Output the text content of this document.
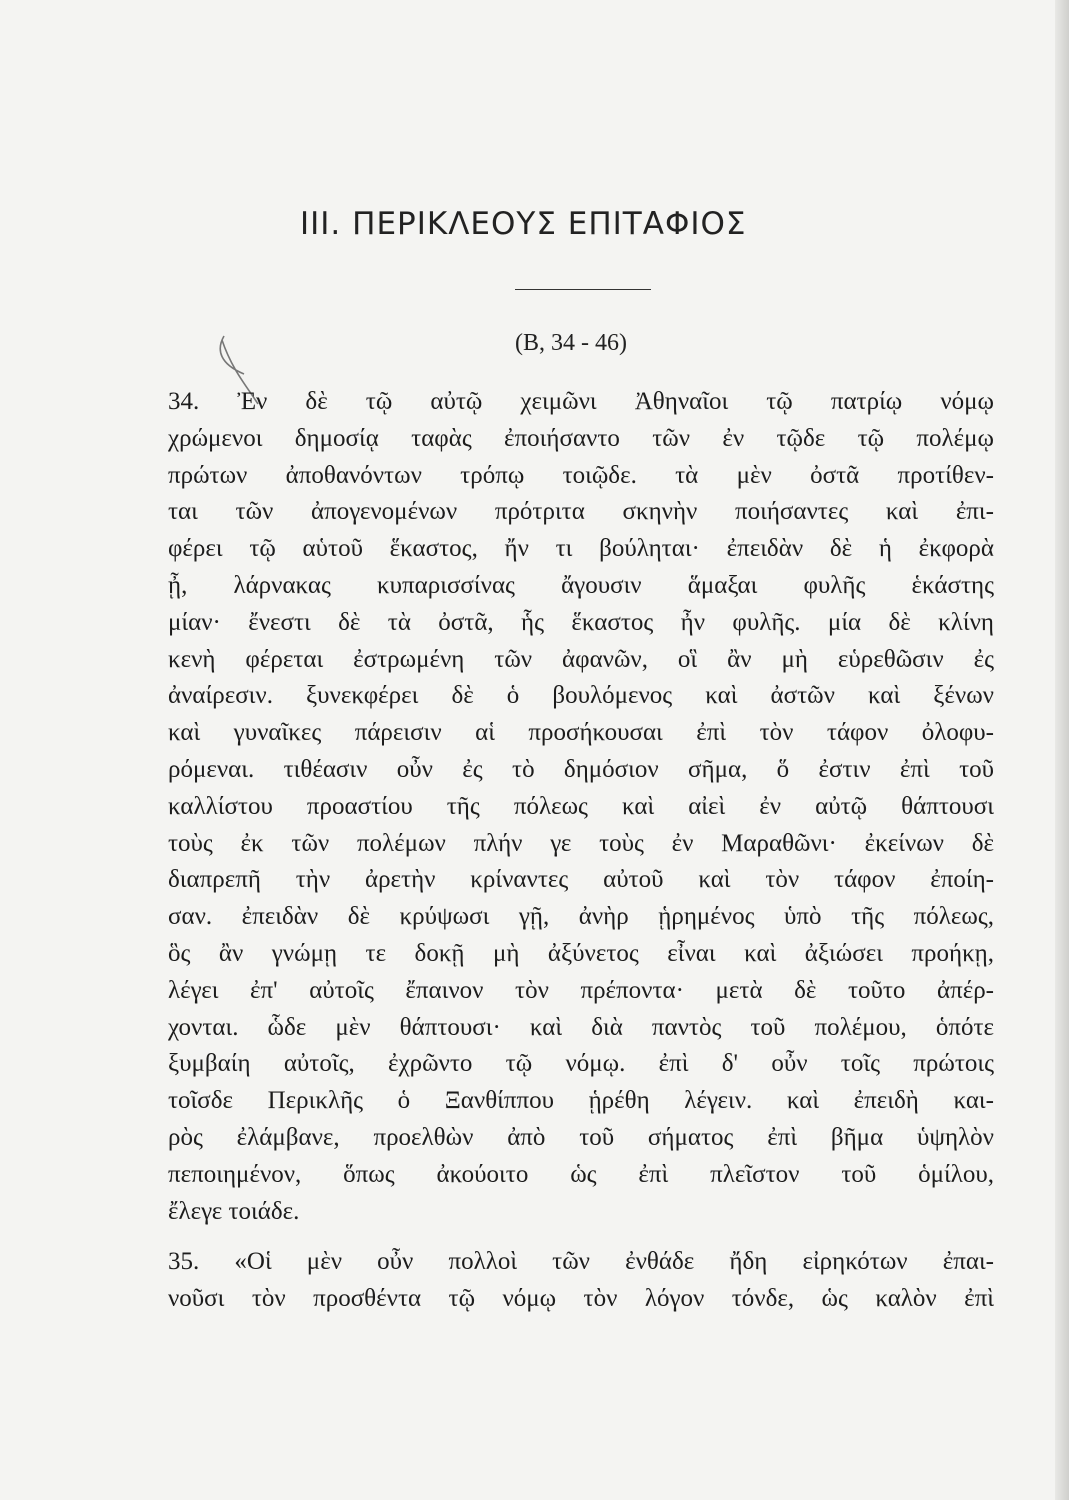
ΙΙΙ. ΠΕΡΙΚΛΕΟΥΣ ΕΠΙΤΑΦΙΟΣ
(Β, 34 - 46)
34. Ἐν δὲ τῷ αὐτῷ χειμῶνι Ἀθηναῖοι τῷ πατρίῳ νόμῳ
χρώμενοι δημοσίᾳ ταφὰς ἐποιήσαντο τῶν ἐν τῷδε τῷ πολέμῳ
πρώτων ἀποθανόντων τρόπῳ τοιῷδε. τὰ μὲν ὀστᾶ προτίθεν-
ται τῶν ἀπογενομένων πρότριτα σκηνὴν ποιήσαντες καὶ ἐπι-
φέρει τῷ αὑτοῦ ἕκαστος, ἤν τι βούληται· ἐπειδὰν δὲ ἡ ἐκφορὰ
ᾖ, λάρνακας κυπαρισσίνας ἄγουσιν ἅμαξαι φυλῆς ἑκάστης
μίαν· ἔνεστι δὲ τὰ ὀστᾶ, ἧς ἕκαστος ἦν φυλῆς. μία δὲ κλίνη
κενὴ φέρεται ἐστρωμένη τῶν ἀφανῶν, οἳ ἂν μὴ εὑρεθῶσιν ἐς
ἀναίρεσιν. ξυνεκφέρει δὲ ὁ βουλόμενος καὶ ἀστῶν καὶ ξένων
καὶ γυναῖκες πάρεισιν αἱ προσήκουσαι ἐπὶ τὸν τάφον ὀλοφυ-
ρόμεναι. τιθέασιν οὖν ἐς τὸ δημόσιον σῆμα, ὅ ἐστιν ἐπὶ τοῦ
καλλίστου προαστίου τῆς πόλεως καὶ αἰεὶ ἐν αὐτῷ θάπτουσι
τοὺς ἐκ τῶν πολέμων πλήν γε τοὺς ἐν Μαραθῶνι· ἐκείνων δὲ
διαπρεπῆ τὴν ἀρετὴν κρίναντες αὐτοῦ καὶ τὸν τάφον ἐποίη-
σαν. ἐπειδὰν δὲ κρύψωσι γῇ, ἀνὴρ ᾑρημένος ὑπὸ τῆς πόλεως,
ὃς ἂν γνώμῃ τε δοκῇ μὴ ἀξύνετος εἶναι καὶ ἀξιώσει προήκῃ,
λέγει ἐπ' αὐτοῖς ἔπαινον τὸν πρέποντα· μετὰ δὲ τοῦτο ἀπέρ-
χονται. ὧδε μὲν θάπτουσι· καὶ διὰ παντὸς τοῦ πολέμου, ὁπότε
ξυμβαίη αὐτοῖς, ἐχρῶντο τῷ νόμῳ. ἐπὶ δ' οὖν τοῖς πρώτοις
τοῖσδε Περικλῆς ὁ Ξανθίππου ᾑρέθη λέγειν. καὶ ἐπειδὴ και-
ρὸς ἐλάμβανε, προελθὼν ἀπὸ τοῦ σήματος ἐπὶ βῆμα ὑψηλὸν
πεποιημένον, ὅπως ἀκούοιτο ὡς ἐπὶ πλεῖστον τοῦ ὁμίλου,
ἔλεγε τοιάδε.
35. «Οἱ μὲν οὖν πολλοὶ τῶν ἐνθάδε ἤδη εἰρηκότων ἐπαι-
νοῦσι τὸν προσθέντα τῷ νόμῳ τὸν λόγον τόνδε, ὡς καλὸν ἐπὶ
